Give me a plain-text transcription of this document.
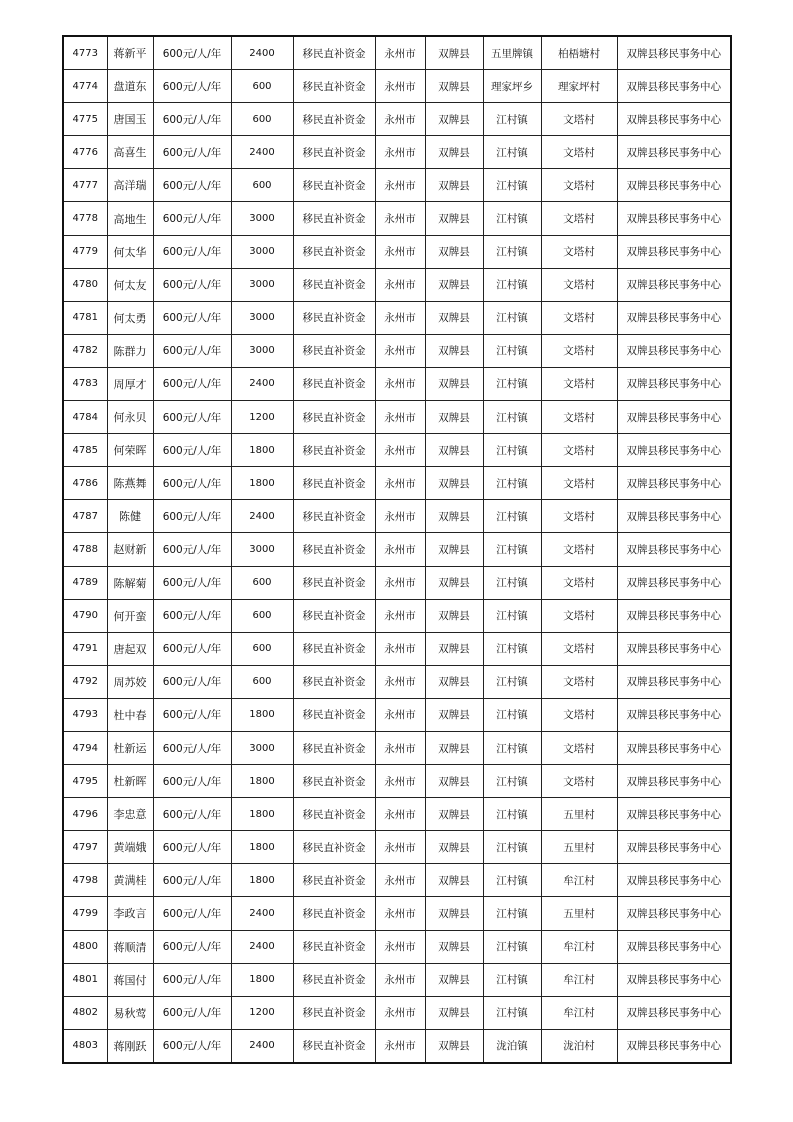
4773	蒋新平	600元/人/年	2400	移民直补资金	永州市	双牌县	五里牌镇	柏梧塘村	双牌县移民事务中心
4774	盘道东	600元/人/年	600	移民直补资金	永州市	双牌县	理家坪乡	理家坪村	双牌县移民事务中心
4775	唐国玉	600元/人/年	600	移民直补资金	永州市	双牌县	江村镇	文塔村	双牌县移民事务中心
4776	高喜生	600元/人/年	2400	移民直补资金	永州市	双牌县	江村镇	文塔村	双牌县移民事务中心
4777	高洋瑞	600元/人/年	600	移民直补资金	永州市	双牌县	江村镇	文塔村	双牌县移民事务中心
4778	高地生	600元/人/年	3000	移民直补资金	永州市	双牌县	江村镇	文塔村	双牌县移民事务中心
4779	何太华	600元/人/年	3000	移民直补资金	永州市	双牌县	江村镇	文塔村	双牌县移民事务中心
4780	何太友	600元/人/年	3000	移民直补资金	永州市	双牌县	江村镇	文塔村	双牌县移民事务中心
4781	何太勇	600元/人/年	3000	移民直补资金	永州市	双牌县	江村镇	文塔村	双牌县移民事务中心
4782	陈群力	600元/人/年	3000	移民直补资金	永州市	双牌县	江村镇	文塔村	双牌县移民事务中心
4783	周厚才	600元/人/年	2400	移民直补资金	永州市	双牌县	江村镇	文塔村	双牌县移民事务中心
4784	何永贝	600元/人/年	1200	移民直补资金	永州市	双牌县	江村镇	文塔村	双牌县移民事务中心
4785	何荣晖	600元/人/年	1800	移民直补资金	永州市	双牌县	江村镇	文塔村	双牌县移民事务中心
4786	陈燕舞	600元/人/年	1800	移民直补资金	永州市	双牌县	江村镇	文塔村	双牌县移民事务中心
4787	陈健	600元/人/年	2400	移民直补资金	永州市	双牌县	江村镇	文塔村	双牌县移民事务中心
4788	赵财新	600元/人/年	3000	移民直补资金	永州市	双牌县	江村镇	文塔村	双牌县移民事务中心
4789	陈解菊	600元/人/年	600	移民直补资金	永州市	双牌县	江村镇	文塔村	双牌县移民事务中心
4790	何开蛮	600元/人/年	600	移民直补资金	永州市	双牌县	江村镇	文塔村	双牌县移民事务中心
4791	唐起双	600元/人/年	600	移民直补资金	永州市	双牌县	江村镇	文塔村	双牌县移民事务中心
4792	周苏姣	600元/人/年	600	移民直补资金	永州市	双牌县	江村镇	文塔村	双牌县移民事务中心
4793	杜中春	600元/人/年	1800	移民直补资金	永州市	双牌县	江村镇	文塔村	双牌县移民事务中心
4794	杜新运	600元/人/年	3000	移民直补资金	永州市	双牌县	江村镇	文塔村	双牌县移民事务中心
4795	杜新晖	600元/人/年	1800	移民直补资金	永州市	双牌县	江村镇	文塔村	双牌县移民事务中心
4796	李忠意	600元/人/年	1800	移民直补资金	永州市	双牌县	江村镇	五里村	双牌县移民事务中心
4797	黄端娥	600元/人/年	1800	移民直补资金	永州市	双牌县	江村镇	五里村	双牌县移民事务中心
4798	黄满桂	600元/人/年	1800	移民直补资金	永州市	双牌县	江村镇	牟江村	双牌县移民事务中心
4799	李政言	600元/人/年	2400	移民直补资金	永州市	双牌县	江村镇	五里村	双牌县移民事务中心
4800	蒋顺清	600元/人/年	2400	移民直补资金	永州市	双牌县	江村镇	牟江村	双牌县移民事务中心
4801	蒋国付	600元/人/年	1800	移民直补资金	永州市	双牌县	江村镇	牟江村	双牌县移民事务中心
4802	易秋莺	600元/人/年	1200	移民直补资金	永州市	双牌县	江村镇	牟江村	双牌县移民事务中心
4803	蒋刚跃	600元/人/年	2400	移民直补资金	永州市	双牌县	泷泊镇	泷泊村	双牌县移民事务中心
